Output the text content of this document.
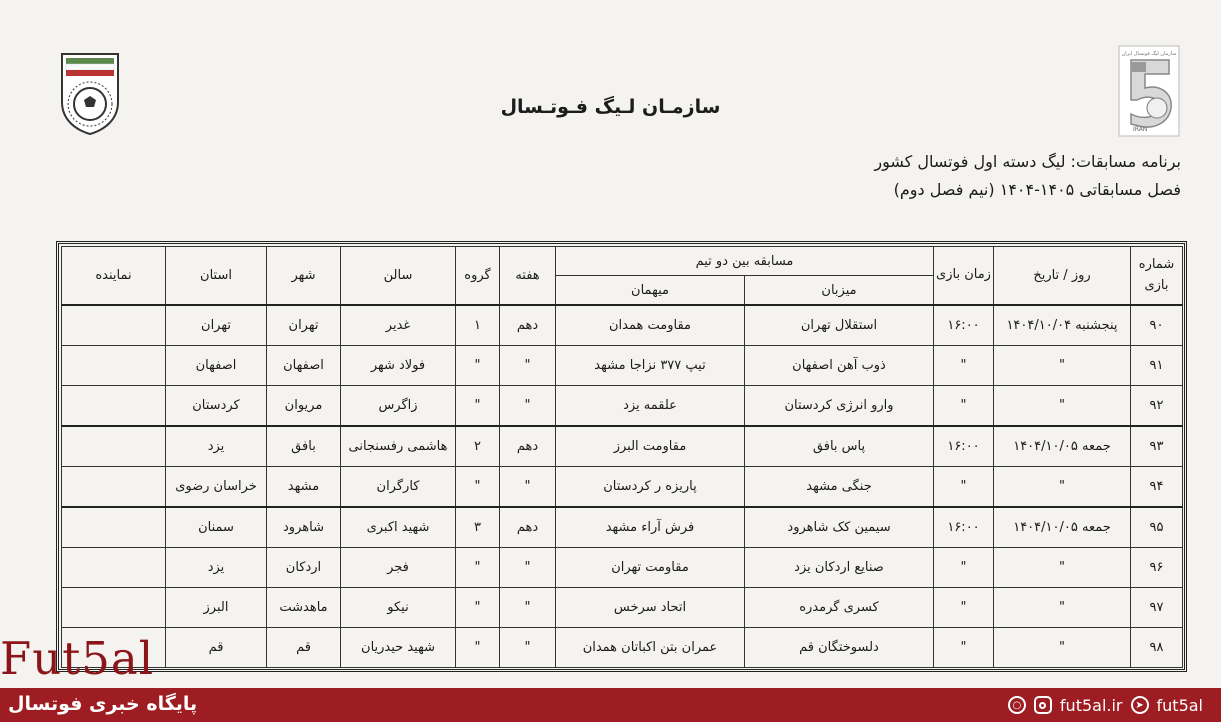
سازمـان لـیگ فـوتـسال
سازمان لیگ فوتسال ایران
IRAN
برنامه مسابقات: لیگ دسته اول فوتسال کشور
فصل مسابقاتی ۱۴۰۵-۱۴۰۴ (نیم فصل دوم)
شماره بازی	روز / تاریخ	زمان بازی	مسابقه بین دو تیم		هفته	گروه	سالن	شهر	استان	نماینده
			میزبان	میهمان						
۹۰	پنجشنبه ۱۴۰۴/۱۰/۰۴	۱۶:۰۰	استقلال تهران	مقاومت همدان	دهم	۱	غدیر	تهران	تهران	
۹۱	"	"	ذوب آهن اصفهان	تیپ ۳۷۷ نزاجا مشهد	"	"	فولاد شهر	اصفهان	اصفهان	
۹۲	"	"	وارو انرژی کردستان	علقمه یزد	"	"	زاگرس	مریوان	کردستان	
۹۳	جمعه ۱۴۰۴/۱۰/۰۵	۱۶:۰۰	پاس بافق	مقاومت البرز	دهم	۲	هاشمی رفسنجانی	بافق	یزد	
۹۴	"	"	جنگی مشهد	پاریزه ر کردستان	"	"	کارگران	مشهد	خراسان رضوی	
۹۵	جمعه ۱۴۰۴/۱۰/۰۵	۱۶:۰۰	سیمین کک شاهرود	فرش آراء مشهد	دهم	۳	شهید اکبری	شاهرود	سمنان	
۹۶	"	"	صنایع اردکان یزد	مقاومت تهران	"	"	فجر	اردکان	یزد	
۹۷	"	"	کسری گرمدره	اتحاد سرخس	"	"	نیکو	ماهدشت	البرز	
۹۸	"	"	دلسوختگان قم	عمران بتن اکباتان همدان	"	"	شهید حیدریان	قم	قم	
Fut5al
پایگاه خبری فوتسال	○ fut5al.ir	➤ fut5al
